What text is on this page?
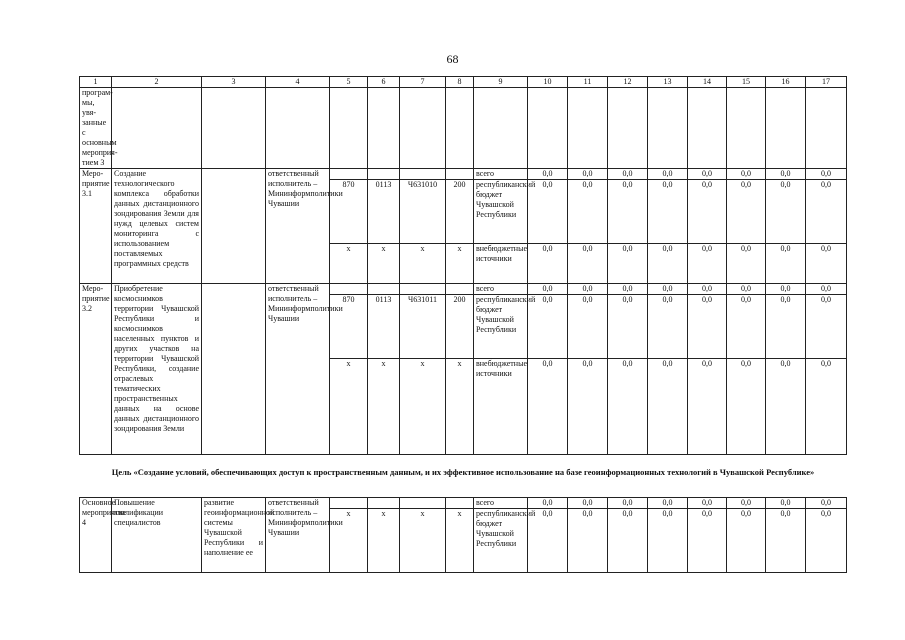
68
1	2	3	4	5	6	7	8	9	10	11	12	13	14	15	16	17
програм-мы, увя-занные с основным мероприя-тием 3																
Меро-приятие 3.1	Создание технологического комплекса обработки данных дистанционного зондирования Земли для нужд целевых систем мониторинга с использованием поставляемых программных средств		ответственный исполнитель – Мининформполитики Чувашии					всего	0,0	0,0	0,0	0,0	0,0	0,0	0,0	0,0
				870	0113	Ч631010	200	республиканский бюджет Чувашской Республики	0,0	0,0	0,0	0,0	0,0	0,0	0,0	0,0
				x	x	x	x	внебюджетные источники	0,0	0,0	0,0	0,0	0,0	0,0	0,0	0,0
Меро-приятие 3.2	Приобретение космоснимков территории Чувашской Республики и космоснимков населенных пунктов и других участков на территории Чувашской Республики, создание отраслевых тематических пространственных данных на основе данных дистанционного зондирования Земли		ответственный исполнитель – Мининформполитики Чувашии					всего	0,0	0,0	0,0	0,0	0,0	0,0	0,0	0,0
				870	0113	Ч631011	200	республиканский бюджет Чувашской Республики	0,0	0,0	0,0	0,0	0,0	0,0	0,0	0,0
				x	x	x	x	внебюджетные источники	0,0	0,0	0,0	0,0	0,0	0,0	0,0	0,0
Цель «Создание условий, обеспечивающих доступ к пространственным данным, и их эффективное использование на базе геоинформационных технологий в Чувашской Республике»																
Основное мероприятие 4	Повышение квалификации специалистов	развитие геоинформационной системы Чувашской Республики и наполнение ее	ответственный исполнитель – Мининформполитики Чувашии					всего	0,0	0,0	0,0	0,0	0,0	0,0	0,0	0,0
				x	x	x	x	республиканский бюджет Чувашской Республики	0,0	0,0	0,0	0,0	0,0	0,0	0,0	0,0
